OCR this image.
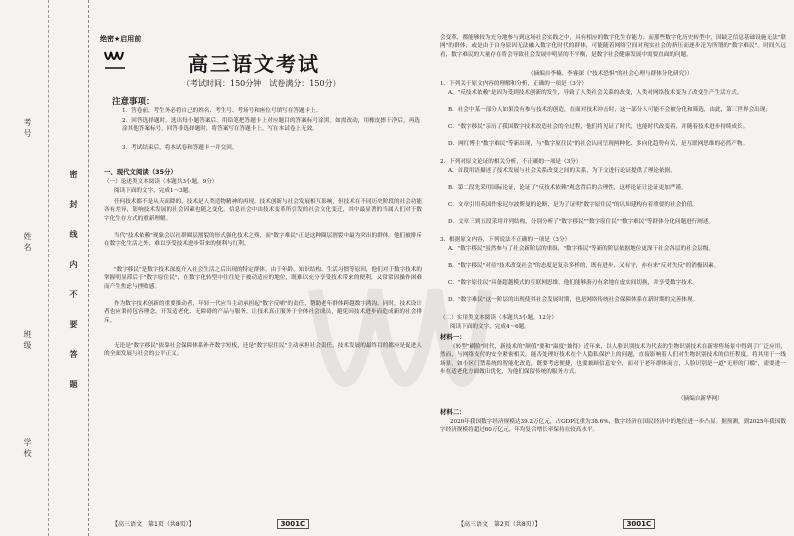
考号
姓名
班级
学校
密封线内不要答题
绝密★启用前
高三语文考试
（考试时间：150分钟　试卷满分：150分）
注意事项：
1．答卷前，考生务必将自己的姓名、考生号、考场号和座位号填写在答题卡上。
2．回答选择题时，选出每小题答案后，用铅笔把答题卡上对应题目的答案标号涂黑。如需改动，用橡皮擦干净后，再选涂其他答案标号。回答非选择题时，将答案写在答题卡上。写在本试卷上无效。
3．考试结束后，将本试卷和答题卡一并交回。
一、现代文阅读（35分）
（一）论述类文本阅读（本题共3小题，9分）
阅读下面的文字，完成1～3题。
任何技术都不是从天而降的，技术是人类造物精神的再现。技术创新与社会发展相互影响，但技术在不同历史阶段的社会功能各有差异，影响技术发展的社会因素也随之变化。信息社会中由技术变革所引发的社会文化变迁，其中最显著的当属人们对于数字化生存方式的重新理解。
当代"技术依赖"现象会以社群圈层割裂的形式强化技术之殇，而"数字难民"正是这种圈层割裂中最为突出的群体。他们被排斥在数字化生活之外，难以享受技术进步带来的便利与红利。
"数字移民"是数字技术深度介入社会生活之后出现的特定群体。由于年龄、知识结构、生活习惯等原因，他们对于数字技术的掌握明显滞后于"数字原住民"，在数字化转型中往往处于被动适应的地位，既难以充分享受技术带来的便利，又常常因操作困难而产生焦虑与挫败感。
作为数字技术创新的重要推动者，年轻一代应当主动承担起"数字反哺"的责任，帮助老年群体跨越数字鸿沟。同时，技术设计者也应秉持包容理念，开发适老化、无障碍的产品与服务，让技术真正服务于全体社会成员，避免因技术进步而造成新的社会排斥。
无论是"数字移民"依靠社会保障体系补齐数字短板，还是"数字原住民"主动承担社会责任，技术发展的最终目的都应是促进人的全面发展与社会的公平正义。
【高三语文　第1页（共8页）】	3001C
会变革，都能够较为充分地参与到这场社会实践之中，具有相应的数字化生存能力；而那些数字化历史转型中，因缺乏信息基础设施无法"联网"的群体，或是由于自身原因无法融入数字化时代的群体，可能随着网络空间对现实社会的挤压而逐步沦为所谓的"数字难民"。时间久远看，数字难民的大量存在将会导致社会发展中明显的不平衡，是数字社会健康发展中需要直面的问题。
（摘编自李楠、李睿深《"技术恐惧"的社会心理与群体分化研究》）
1．下列关于原文内容的理解和分析，正确的一项是（3分）
A．"反技术依赖"是因为受到技术创新的发生，导致了人类社会关系的改变，人类对网络技术变为了改变生产生活方式。
B．社会中某一部分人如果没有参与技术的创造，在面对技术冲击时，这一部分人可能不会被分化和筛选，由此，第三世界会出现。
C．"数字移民"亲历了我国数字技术改造社会的全过程，他们将见证了时代，也能时代改变着，并随着技术进步持续成长。
D．网红博主"数字难民"等新出现，与"数字原住民"的社会认同呈现两种化、多向化趋势有关，是互联网思维的必然产物。
2．下列对原文论证的相关分析，不正确的一项是（3分）
A．首段用语描述了技术发展与社会关系改变之间的关系，为下文进行论证提供了理论依据。
B．第二段先采用国际论证，论证了"反技术依赖"观念背后的合理性，这样论证让论证更加严谨。
C．文章引用英国作家尼尔波斯曼的论断，是为了证明"数字原住民"的认知建构有着重要的社会价值。
D．文章三到五段采用并列结构，分别分析了"数字移民""数字原住民""数字难民"等群体分化问题进行阐述。
3．根据原文内容，下列说法不正确的一项是（3分）
A．"数字移民"虽然参与了社会新阶层的重组，"数字移民"等新的阶层依据地位更深于社会各层的社会层级。
B．"数字移民"对待"技术改变社会"的态度是复杂多样的，既有进步，又有守，亦有来"反对失反"的消极因素。
C．"数字原住民"具备超越模式的互联网思维，他们能够游刃有余地在虚实间切换，并享受数字技术。
D．"数字难民"这一阶层的出现使其社会发展时期，也是网络传统社会保障体系在新时期的完善体现。
（二）实用类文本阅读（本题共3小题，12分）
阅读下面的文字，完成4～6题。
材料一：
《转型"刷脸"时代，新技术的"颜值"要和"温度"兼得》近年来，以人脸识别技术为代表的生物识别技术在新零售场景中得到了广泛应用，然而，与网络支付的安全紧密相关，能否处理好技术在个人隐私保护上的问题，直接影响着人们对生物识别技术的信任程度。将其用于一线场景，如小区门禁系统的智能化改造，既要考虑便捷，也要兼顾信息安全，而对于老年群体而言，人脸识别是一道"无形的门槛"，需要进一步在适老化方面做出优化，为他们保留传统的服务方式。
（摘编自新华网）
材料二：
2020年我国数字经济规模达39.2万亿元，占GDP比重为38.6%，数字经济在国民经济中的地位进一步凸显。据预测，到2025年我国数字经济规模将超过60万亿元，年均复合增长率保持在较高水平。
【高三语文　第2页（共8页）】	3001C
